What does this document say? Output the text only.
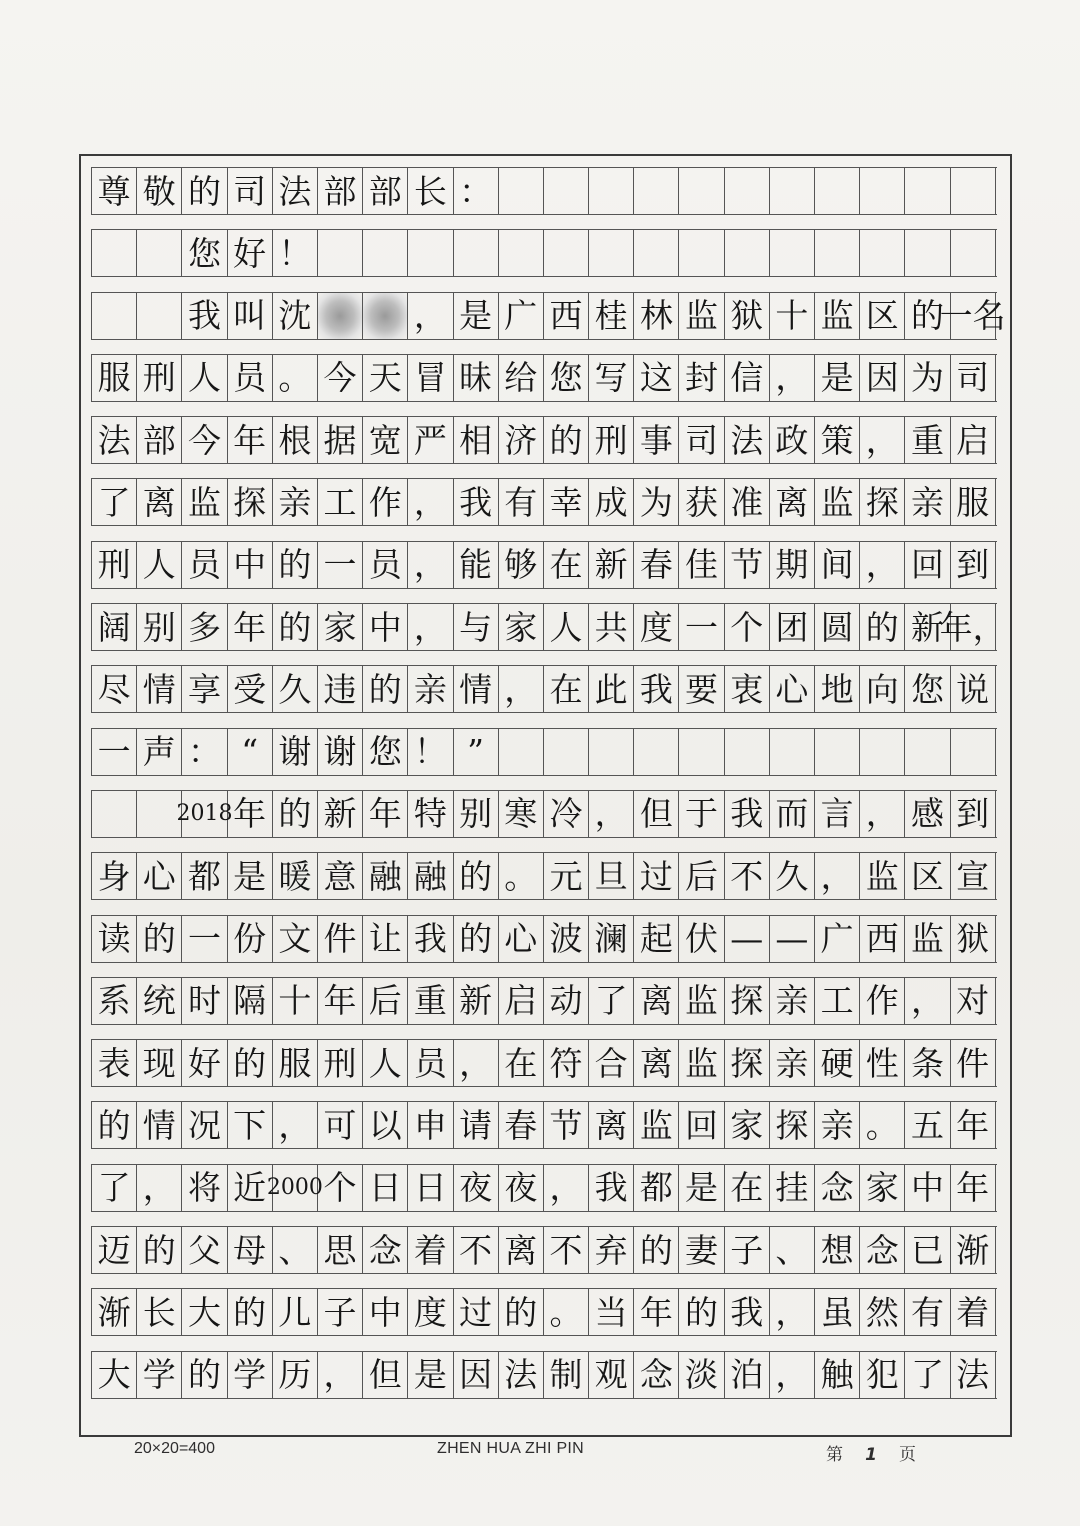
尊 敬 的 司 法 部 部 长 ：
您 好 ！
我 叫 沈	， 是 广 西 桂 林 监 狱 十 监 区 的
一名
服 刑 人 员 。 今 天 冒 昧 给 您 写 这 封 信 ， 是 因 为 司
法 部 今 年 根 据 宽 严 相 济 的 刑 事 司 法 政 策 ， 重 启
了 离 监 探 亲 工 作 ， 我 有 幸 成 为 获 准 离 监 探 亲 服
刑 人 员 中 的 一 员 ， 能 够 在 新 春 佳 节 期 间 ， 回 到
阔 别 多 年 的 家 中 ， 与 家 人 共 度 一 个 团 圆 的 新
年，
尽 情 享 受 久 违 的 亲 情 ， 在 此 我 要 衷 心 地 向 您 说
一 声 ： “ 谢 谢 您 ！ ”
2018 年 的 新 年 特 别 寒 冷 ， 但 于 我 而 言 ， 感 到
身 心 都 是 暖 意 融 融 的 。 元 旦 过 后 不 久 ， 监 区 宣
读 的 一 份 文 件 让 我 的 心 波 澜 起 伏 — — 广 西 监 狱
系 统 时 隔 十 年 后 重 新 启 动 了 离 监 探 亲 工 作 ， 对
表 现 好 的 服 刑 人 员 ， 在 符 合 离 监 探 亲 硬 性 条 件
的 情 况 下 ， 可 以 申 请 春 节 离 监 回 家 探 亲 。 五 年
了 ， 将 近 2000 个 日 日 夜 夜 ， 我 都 是 在 挂 念 家 中 年
迈 的 父 母 、 思 念 着 不 离 不 弃 的 妻 子 、 想 念 已 渐
渐 长 大 的 儿 子 中 度 过 的 。 当 年 的 我 ， 虽 然 有 着
大 学 的 学 历 ， 但 是 因 法 制 观 念 淡 泊 ， 触 犯 了 法
20×20=400	ZHEN HUA ZHI PIN	第 1 页
